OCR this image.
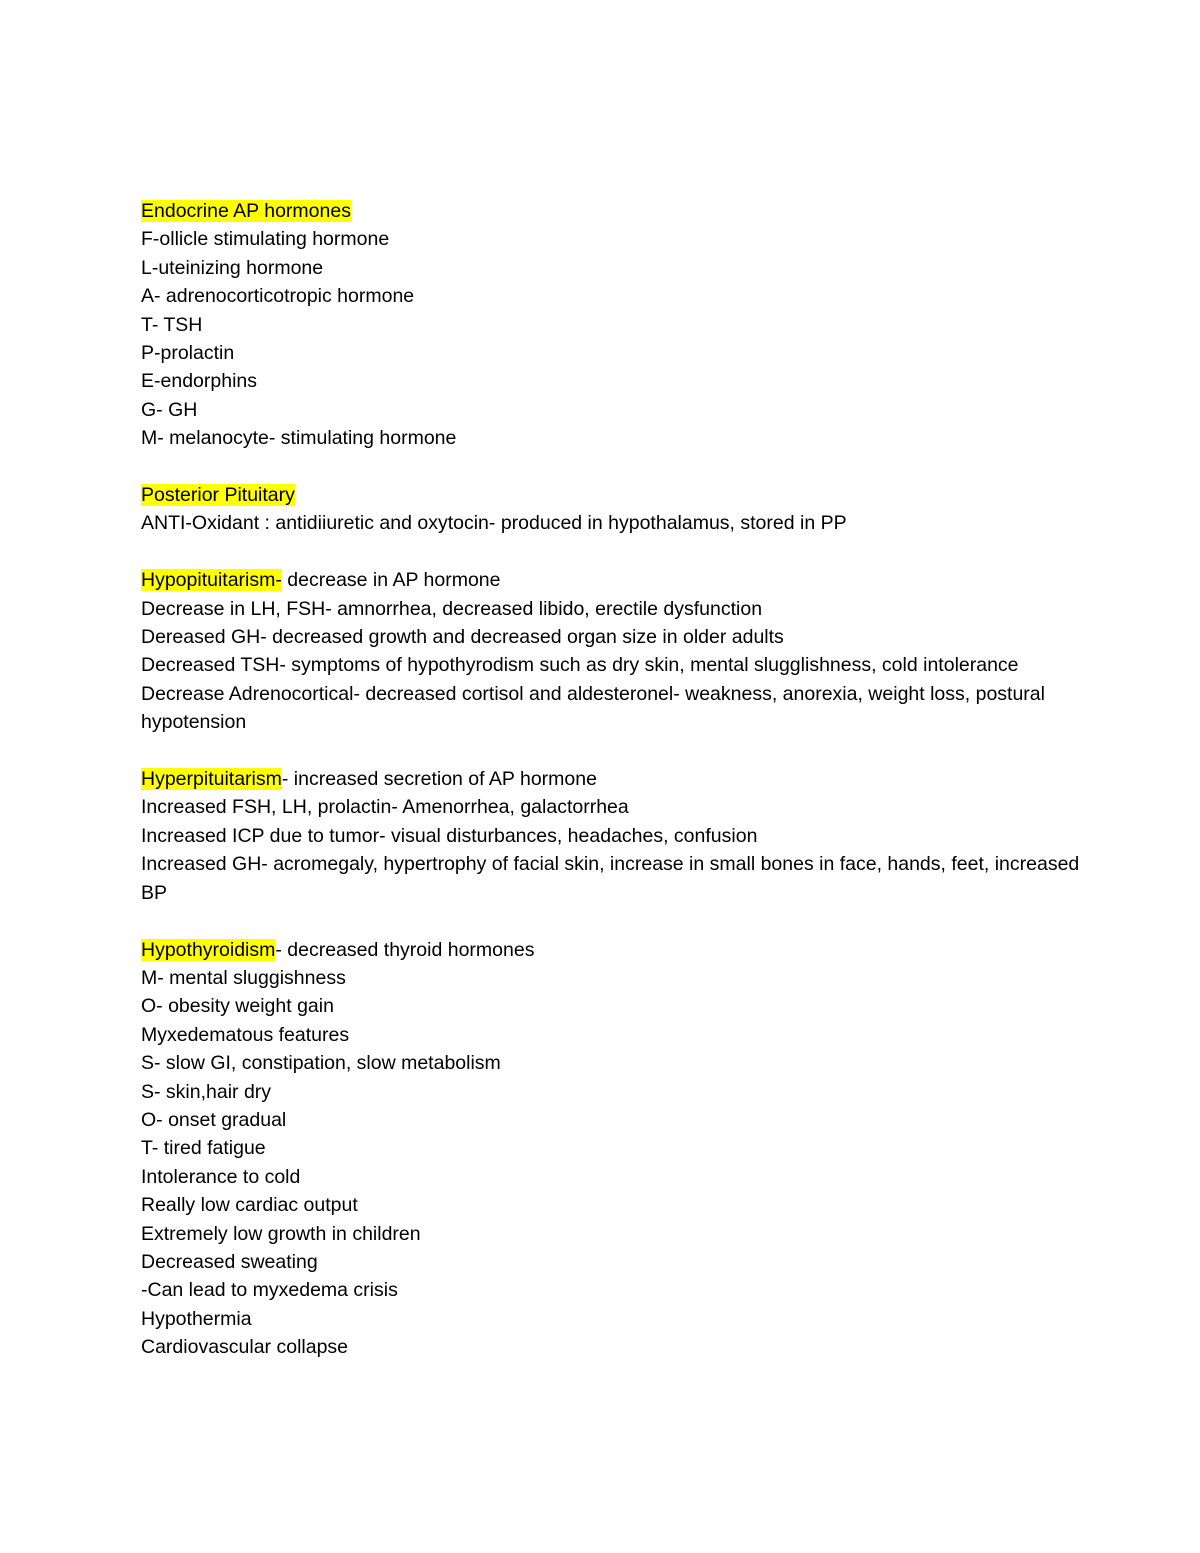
Endocrine AP hormones
F-ollicle stimulating hormone
L-uteinizing hormone
A- adrenocorticotropic hormone
T- TSH
P-prolactin
E-endorphins
G- GH
M- melanocyte- stimulating hormone
Posterior Pituitary
ANTI-Oxidant : antidiiuretic and oxytocin- produced in hypothalamus, stored in PP
Hypopituitarism- decrease in AP hormone
Decrease in LH, FSH- amnorrhea, decreased libido, erectile dysfunction
Dereased GH- decreased growth and decreased organ size in older adults
Decreased TSH- symptoms of hypothyrodism such as dry skin, mental slugglishness, cold intolerance
Decrease Adrenocortical- decreased cortisol and aldesteronel- weakness, anorexia, weight loss, postural hypotension
Hyperpituitarism- increased secretion of AP hormone
Increased FSH, LH, prolactin- Amenorrhea, galactorrhea
Increased ICP due to tumor- visual disturbances, headaches, confusion
Increased GH- acromegaly, hypertrophy of facial skin, increase in small bones in face, hands, feet, increased BP
Hypothyroidism- decreased thyroid hormones
M- mental sluggishness
O- obesity weight gain
Myxedematous features
S- slow GI, constipation, slow metabolism
S- skin,hair dry
O- onset gradual
T- tired fatigue
Intolerance to cold
Really low cardiac output
Extremely low growth in children
Decreased sweating
-Can lead to myxedema crisis
Hypothermia
Cardiovascular collapse
